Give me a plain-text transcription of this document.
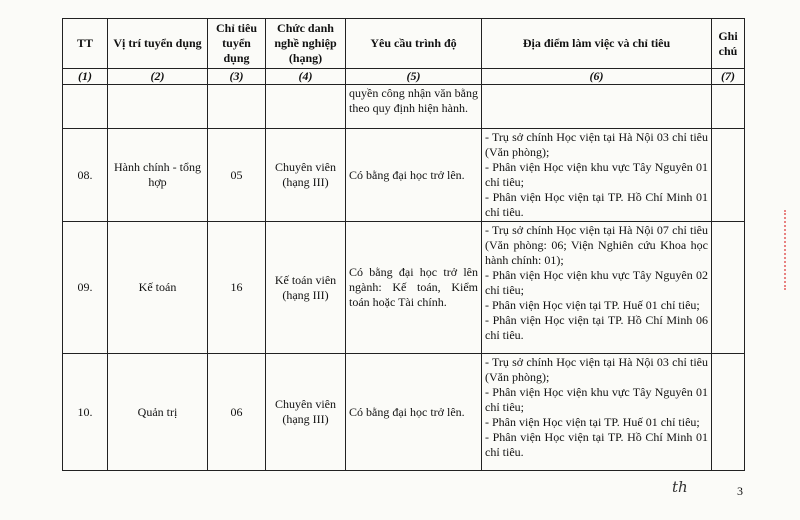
TT	Vị trí tuyển dụng	Chỉ tiêu tuyển dụng	Chức danh nghề nghiệp (hạng)	Yêu cầu trình độ	Địa điểm làm việc và chỉ tiêu	Ghi chú
(1)	(2)	(3)	(4)	(5)	(6)	(7)
				quyền công nhận văn bằng theo quy định hiện hành.		
08.	Hành chính - tổng hợp	05	Chuyên viên (hạng III)	Có bằng đại học trở lên.	- Trụ sở chính Học viện tại Hà Nội 03 chỉ tiêu (Văn phòng);
- Phân viện Học viện khu vực Tây Nguyên 01 chỉ tiêu;
- Phân viện Học viện tại TP. Hồ Chí Minh 01 chỉ tiêu.	

09.	Kế toán	16	Kế toán viên (hạng III)	Có bằng đại học trở lên ngành: Kế toán, Kiểm toán hoặc Tài chính.	- Trụ sở chính Học viện tại Hà Nội 07 chỉ tiêu (Văn phòng: 06; Viện Nghiên cứu Khoa học hành chính: 01);
- Phân viện Học viện khu vực Tây Nguyên 02 chỉ tiêu;
- Phân viện Học viện tại TP. Huế 01 chỉ tiêu;
- Phân viện Học viện tại TP. Hồ Chí Minh 06 chỉ tiêu.	

10.	Quản trị	06	Chuyên viên (hạng III)	Có bằng đại học trở lên.	- Trụ sở chính Học viện tại Hà Nội 03 chỉ tiêu (Văn phòng);
- Phân viện Học viện khu vực Tây Nguyên 01 chỉ tiêu;
- Phân viện Học viện tại TP. Huế 01 chỉ tiêu;
- Phân viện Học viện tại TP. Hồ Chí Minh 01 chỉ tiêu.	

th	3
